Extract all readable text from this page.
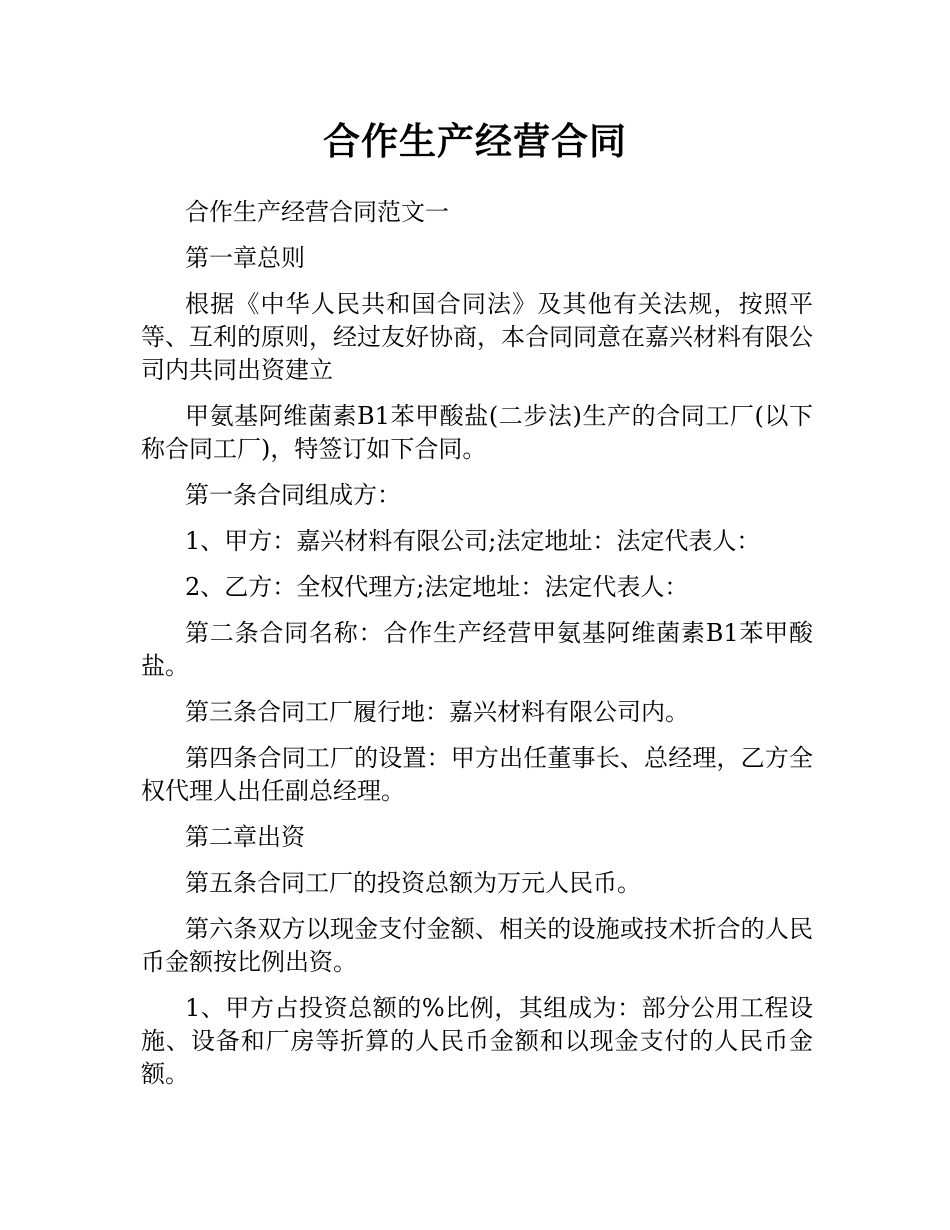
合作生产经营合同

合作生产经营合同范文一

第一章总则

根据《中华人民共和国合同法》及其他有关法规，按照平等、互利的原则，经过友好协商，本合同同意在嘉兴材料有限公司内共同出资建立

甲氨基阿维菌素B1苯甲酸盐(二步法)生产的合同工厂(以下称合同工厂)，特签订如下合同。

第一条合同组成方：

1、甲方：嘉兴材料有限公司;法定地址：法定代表人：

2、乙方：全权代理方;法定地址：法定代表人：

第二条合同名称：合作生产经营甲氨基阿维菌素B1苯甲酸盐。

第三条合同工厂履行地：嘉兴材料有限公司内。

第四条合同工厂的设置：甲方出任董事长、总经理，乙方全权代理人出任副总经理。

第二章出资

第五条合同工厂的投资总额为万元人民币。

第六条双方以现金支付金额、相关的设施或技术折合的人民币金额按比例出资。

1、甲方占投资总额的%比例，其组成为：部分公用工程设施、设备和厂房等折算的人民币金额和以现金支付的人民币金额。
